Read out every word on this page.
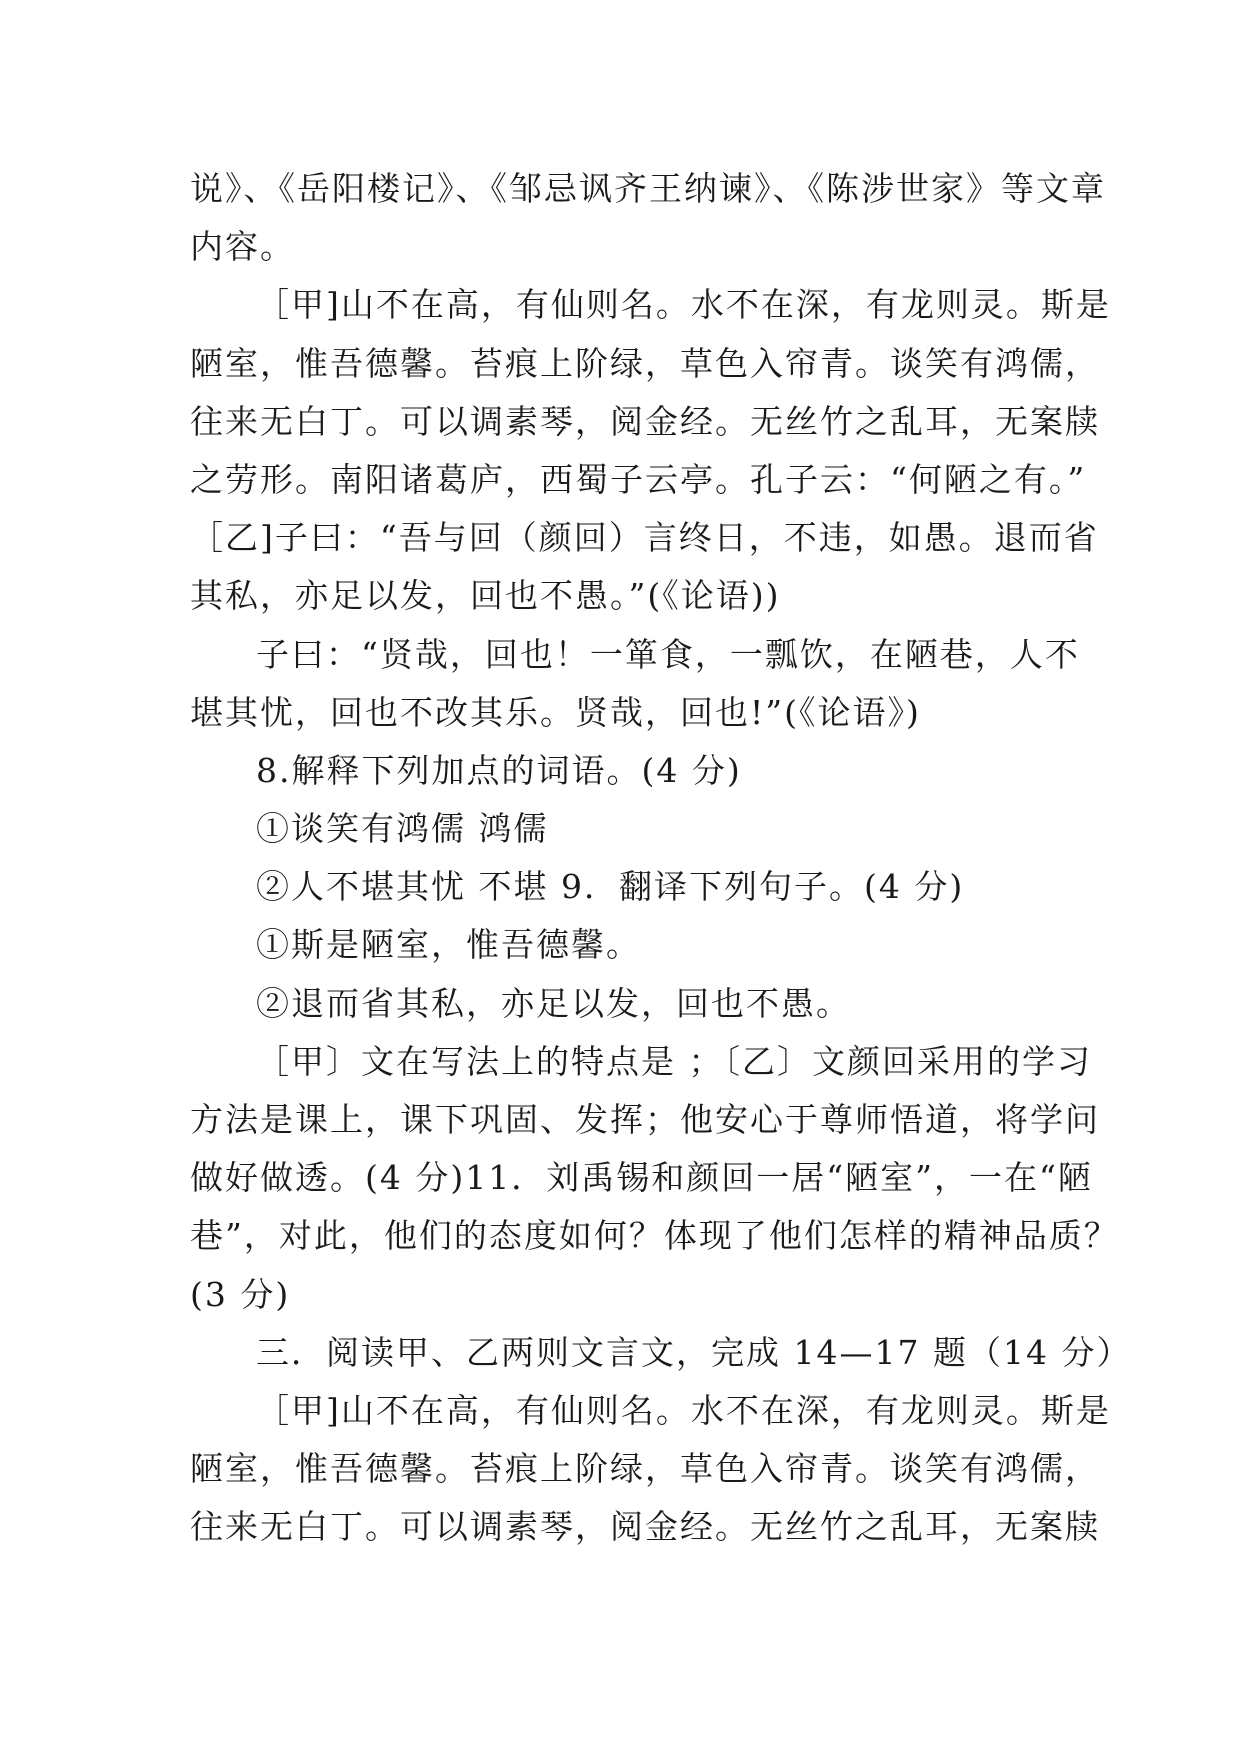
说》、《岳阳楼记》、《邹忌讽齐王纳谏》、《陈涉世家》等文章
内容。
［甲]山不在高，有仙则名。水不在深，有龙则灵。斯是
陋室，惟吾德馨。苔痕上阶绿，草色入帘青。谈笑有鸿儒，
往来无白丁。可以调素琴，阅金经。无丝竹之乱耳，无案牍
之劳形。南阳诸葛庐，西蜀子云亭。孔子云：“何陋之有。”
［乙]子曰：“吾与回（颜回）言终日，不违，如愚。退而省
其私，亦足以发，回也不愚。”(《论语))
子曰：“贤哉，回也！一箪食，一瓢饮，在陋巷，人不
堪其忧，回也不改其乐。贤哉，回也!”(《论语》)
8.解释下列加点的词语。(4 分)
①谈笑有鸿儒 鸿儒
②人不堪其忧 不堪 9．翻译下列句子。(4 分)
①斯是陋室，惟吾德馨。
②退而省其私，亦足以发，回也不愚。
［甲〕文在写法上的特点是 ；〔乙〕文颜回采用的学习
方法是课上，课下巩固、发挥；他安心于尊师悟道，将学问
做好做透。(4 分)11．刘禹锡和颜回一居“陋室”，一在“陋
巷”，对此，他们的态度如何？体现了他们怎样的精神品质？
(3 分)
三．阅读甲、乙两则文言文，完成 14—17 题（14 分）
［甲]山不在高，有仙则名。水不在深，有龙则灵。斯是
陋室，惟吾德馨。苔痕上阶绿，草色入帘青。谈笑有鸿儒，
往来无白丁。可以调素琴，阅金经。无丝竹之乱耳，无案牍
